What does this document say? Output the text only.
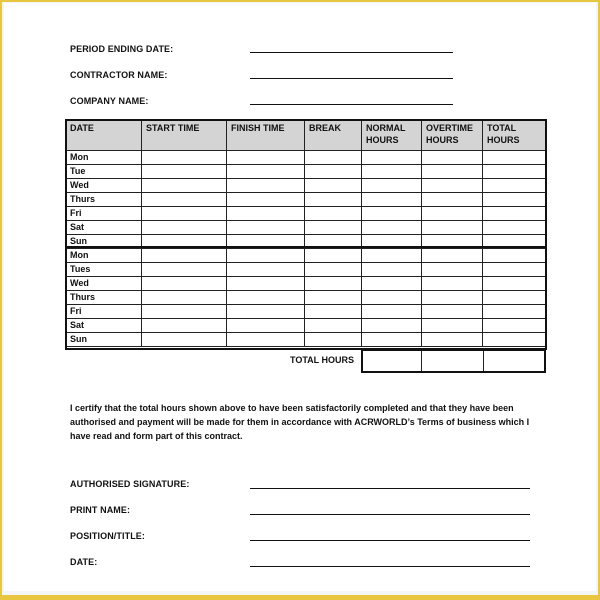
PERIOD ENDING DATE:
CONTRACTOR NAME:
COMPANY NAME:
DATE	START TIME	FINISH TIME	BREAK	NORMAL HOURS	OVERTIME HOURS	TOTAL HOURS
Mon						
Tue						
Wed						
Thurs						
Fri						
Sat						
Sun						
Mon						
Tues						
Wed						
Thurs						
Fri						
Sat						
Sun						
TOTAL HOURS
I certify that the total hours shown above to have been satisfactorily completed and that they have been authorised and payment will be made for them in accordance with ACRWORLD’s Terms of business which I have read and form part of this contract.
AUTHORISED SIGNATURE:
PRINT NAME:
POSITION/TITLE:
DATE:
